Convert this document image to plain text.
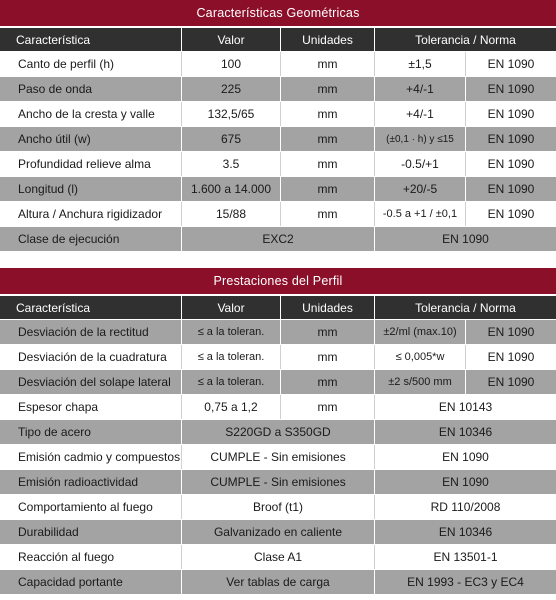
Características Geométricas
Característica	Valor	Unidades	Tolerancia / Norma
Canto de perfil (h)	100	mm	±1,5	EN 1090
Paso de onda	225	mm	+4/-1	EN 1090
Ancho de la cresta y valle	132,5/65	mm	+4/-1	EN 1090
Ancho útil (w)	675	mm	(±0,1 · h) y ≤15	EN 1090
Profundidad relieve alma	3.5	mm	-0.5/+1	EN 1090
Longitud (l)	1.600 a 14.000	mm	+20/-5	EN 1090
Altura / Anchura rigidizador	15/88	mm	-0.5 a +1 / ±0,1	EN 1090
Clase de ejecución	EXC2	EN 1090
Prestaciones del Perfil
Característica	Valor	Unidades	Tolerancia / Norma
Desviación de la rectitud	≤ a la toleran.	mm	±2/ml (max.10)	EN 1090
Desviación de la cuadratura	≤ a la toleran.	mm	≤ 0,005*w	EN 1090
Desviación del solape lateral	≤ a la toleran.	mm	±2 s/500 mm	EN 1090
Espesor chapa	0,75 a 1,2	mm	EN 10143
Tipo de acero	S220GD a S350GD	EN 10346
Emisión cadmio y compuestos	CUMPLE - Sin emisiones	EN 1090
Emisión radioactividad	CUMPLE - Sin emisiones	EN 1090
Comportamiento al fuego	Broof (t1)	RD 110/2008
Durabilidad	Galvanizado en caliente	EN 10346
Reacción al fuego	Clase A1	EN 13501-1
Capacidad portante	Ver tablas de carga	EN 1993 - EC3 y EC4
